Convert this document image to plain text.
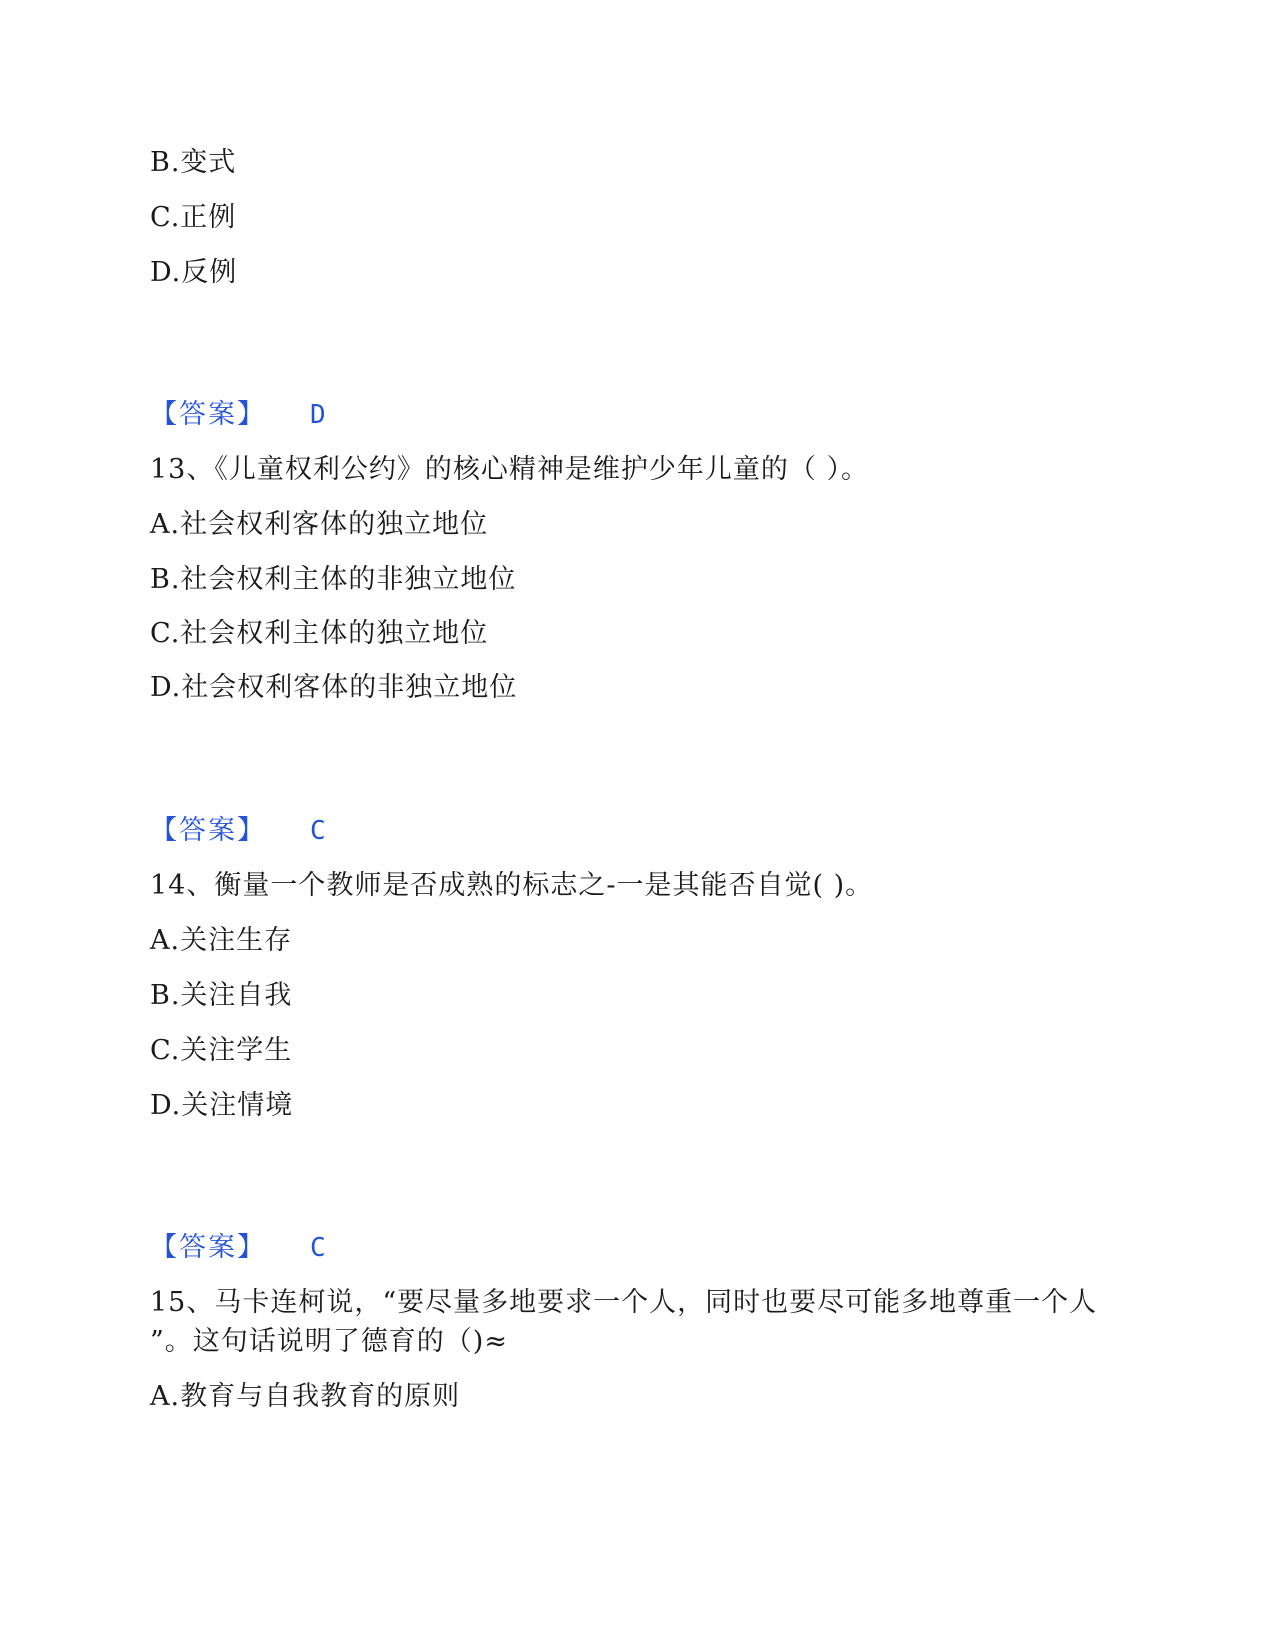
B.变式
C.正例
D.反例
【答案】 D
13、《儿童权利公约》的核心精神是维护少年儿童的（ ）。
A.社会权利客体的独立地位
B.社会权利主体的非独立地位
C.社会权利主体的独立地位
D.社会权利客体的非独立地位
【答案】 C
14、衡量一个教师是否成熟的标志之-一是其能否自觉( )。
A.关注生存
B.关注自我
C.关注学生
D.关注情境
【答案】 C
15、马卡连柯说，“要尽量多地要求一个人，同时也要尽可能多地尊重一个人
”。这句话说明了德育的（)≈
A.教育与自我教育的原则
